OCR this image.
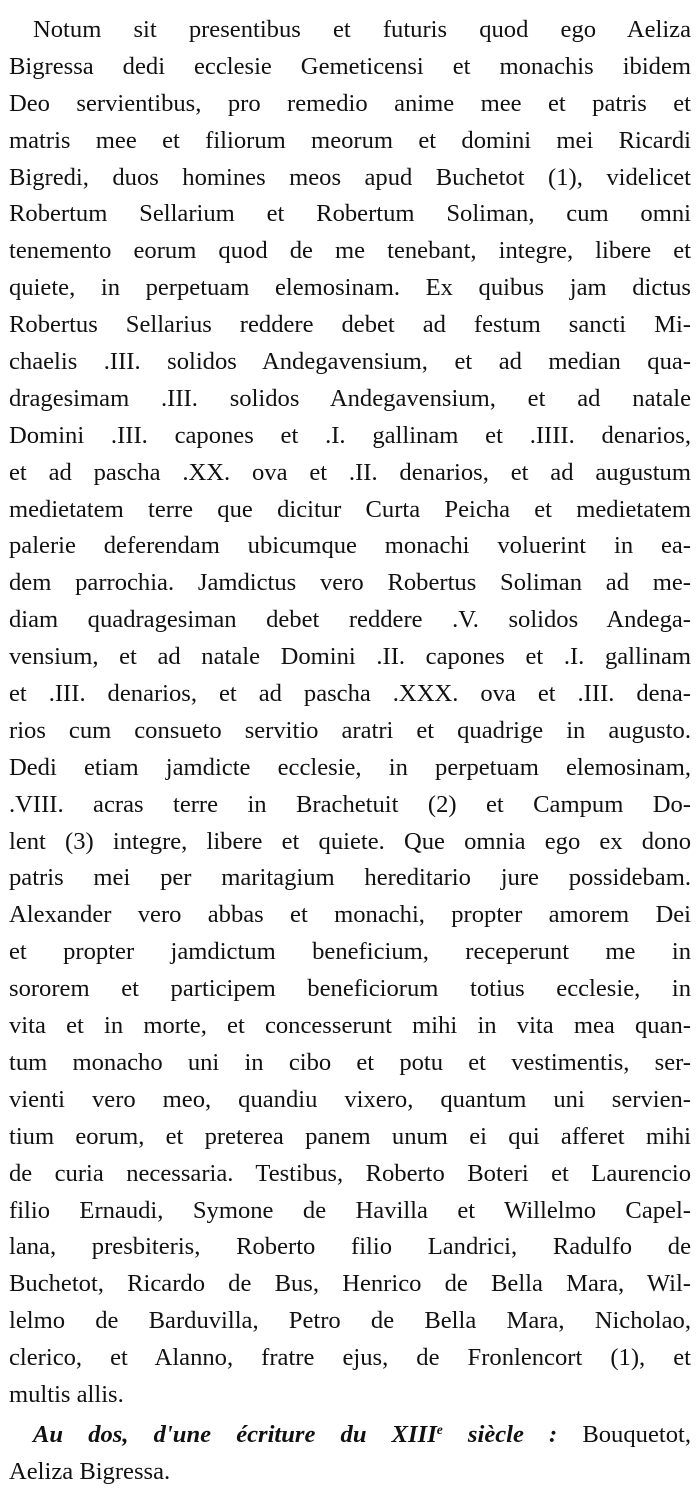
Notum sit presentibus et futuris quod ego Aeliza
Bigressa dedi ecclesie Gemeticensi et monachis ibidem
Deo servientibus, pro remedio anime mee et patris et
matris mee et filiorum meorum et domini mei Ricardi
Bigredi, duos homines meos apud Buchetot (1), videlicet
Robertum Sellarium et Robertum Soliman, cum omni
tenemento eorum quod de me tenebant, integre, libere et
quiete, in perpetuam elemosinam. Ex quibus jam dictus
Robertus Sellarius reddere debet ad festum sancti Mi-
chaelis .III. solidos Andegavensium, et ad median qua-
dragesimam .III. solidos Andegavensium, et ad natale
Domini .III. capones et .I. gallinam et .IIII. denarios,
et ad pascha .XX. ova et .II. denarios, et ad augustum
medietatem terre que dicitur Curta Peicha et medietatem
palerie deferendam ubicumque monachi voluerint in ea-
dem parrochia. Jamdictus vero Robertus Soliman ad me-
diam quadragesiman debet reddere .V. solidos Andega-
vensium, et ad natale Domini .II. capones et .I. gallinam
et .III. denarios, et ad pascha .XXX. ova et .III. dena-
rios cum consueto servitio aratri et quadrige in augusto.
Dedi etiam jamdicte ecclesie, in perpetuam elemosinam,
.VIII. acras terre in Brachetuit (2) et Campum Do-
lent (3) integre, libere et quiete. Que omnia ego ex dono
patris mei per maritagium hereditario jure possidebam.
Alexander vero abbas et monachi, propter amorem Dei
et propter jamdictum beneficium, receperunt me in
sororem et participem beneficiorum totius ecclesie, in
vita et in morte, et concesserunt mihi in vita mea quan-
tum monacho uni in cibo et potu et vestimentis, ser-
vienti vero meo, quandiu vixero, quantum uni servien-
tium eorum, et preterea panem unum ei qui afferet mihi
de curia necessaria. Testibus, Roberto Boteri et Laurencio
filio Ernaudi, Symone de Havilla et Willelmo Capel-
lana, presbiteris, Roberto filio Landrici, Radulfo de
Buchetot, Ricardo de Bus, Henrico de Bella Mara, Wil-
lelmo de Barduvilla, Petro de Bella Mara, Nicholao,
clerico, et Alanno, fratre ejus, de Fronlencort (1), et
multis allis.
Au dos, d'une écriture du XIIIe siècle : Bouquetot,
Aeliza Bigressa.
